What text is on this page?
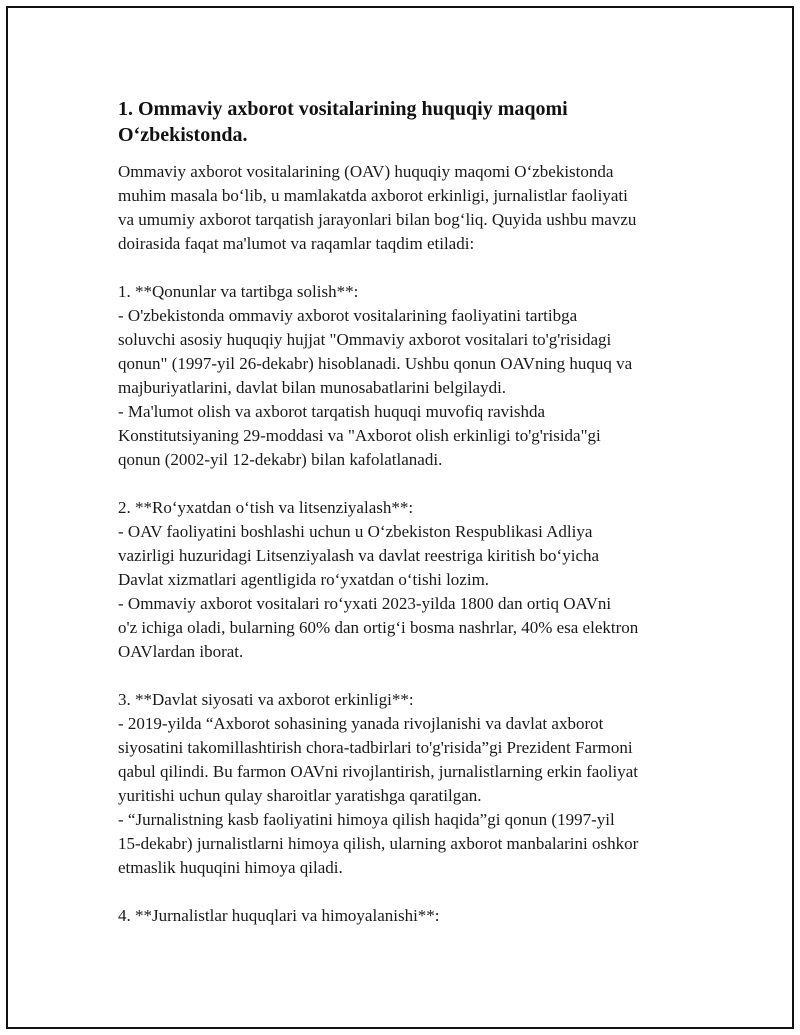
1. Ommaviy axborot vositalarining huquqiy maqomi
O‘zbekistonda.

Ommaviy axborot vositalarining (OAV) huquqiy maqomi O‘zbekistonda
muhim masala bo‘lib, u mamlakatda axborot erkinligi, jurnalistlar faoliyati
va umumiy axborot tarqatish jarayonlari bilan bog‘liq. Quyida ushbu mavzu
doirasida faqat ma'lumot va raqamlar taqdim etiladi:

1. **Qonunlar va tartibga solish**:
- O'zbekistonda ommaviy axborot vositalarining faoliyatini tartibga
soluvchi asosiy huquqiy hujjat "Ommaviy axborot vositalari to'g'risidagi
qonun" (1997-yil 26-dekabr) hisoblanadi. Ushbu qonun OAVning huquq va
majburiyatlarini, davlat bilan munosabatlarini belgilaydi.
- Ma'lumot olish va axborot tarqatish huquqi muvofiq ravishda
Konstitutsiyaning 29-moddasi va "Axborot olish erkinligi to'g'risida"gi
qonun (2002-yil 12-dekabr) bilan kafolatlanadi.

2. **Ro‘yxatdan o‘tish va litsenziyalash**:
- OAV faoliyatini boshlashi uchun u O‘zbekiston Respublikasi Adliya
vazirligi huzuridagi Litsenziyalash va davlat reestriga kiritish bo‘yicha
Davlat xizmatlari agentligida ro‘yxatdan o‘tishi lozim.
- Ommaviy axborot vositalari ro‘yxati 2023-yilda 1800 dan ortiq OAVni
o'z ichiga oladi, bularning 60% dan ortig‘i bosma nashrlar, 40% esa elektron
OAVlardan iborat.

3. **Davlat siyosati va axborot erkinligi**:
- 2019-yilda “Axborot sohasining yanada rivojlanishi va davlat axborot
siyosatini takomillashtirish chora-tadbirlari to'g'risida”gi Prezident Farmoni
qabul qilindi. Bu farmon OAVni rivojlantirish, jurnalistlarning erkin faoliyat
yuritishi uchun qulay sharoitlar yaratishga qaratilgan.
- “Jurnalistning kasb faoliyatini himoya qilish haqida”gi qonun (1997-yil
15-dekabr) jurnalistlarni himoya qilish, ularning axborot manbalarini oshkor
etmaslik huquqini himoya qiladi.

4. **Jurnalistlar huquqlari va himoyalanishi**:
